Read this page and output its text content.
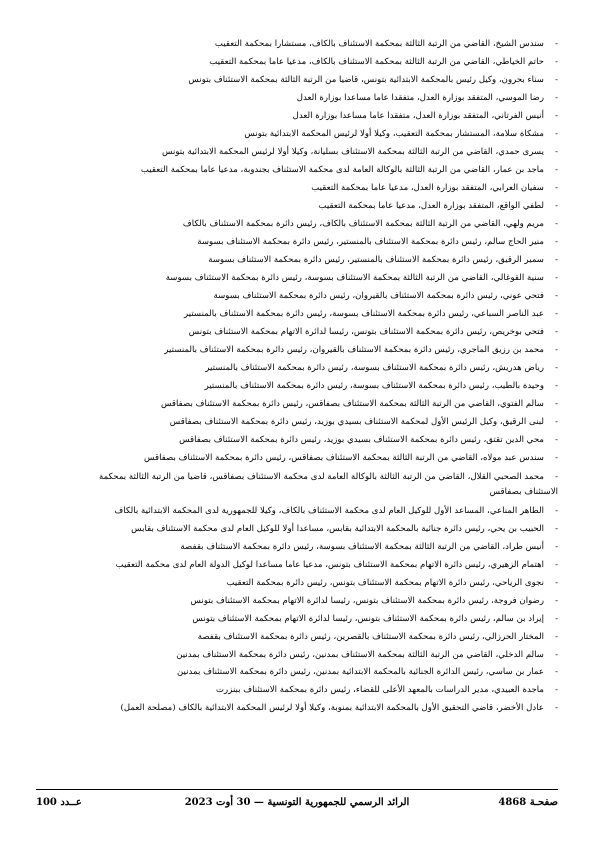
-
سندس الشيخ، القاضي من الرتبة الثالثة بمحكمة الاستئناف بالكاف، مستشارا بمحكمة التعقيب
-
حاتم الخياطي، القاضي من الرتبة الثالثة بمحكمة الاستئناف بالكاف، مدعيا عاما بمحكمة التعقيب
-
سناء بحرون، وكيل رئيس بالمحكمة الابتدائية بتونس، قاضيا من الرتبة الثالثة بمحكمة الاستئناف بتونس
-
رضا الموسي، المتفقد بوزارة العدل، متفقدا عاما مساعدا بوزارة العدل
-
أنيس الفرتاني، المتفقد بوزارة العدل، متفقدا عاما مساعدا بوزارة العدل
-
مشكاة سلامة، المستشار بمحكمة التعقيب، وكيلا أولا لرئيس المحكمة الابتدائية بتونس
-
يسرى حمدي، القاضي من الرتبة الثالثة بمحكمة الاستئناف بسليانة، وكيلا أولا لرئيس المحكمة الابتدائية بتونس
-
ماجد بن عمار، القاضي من الرتبة الثالثة بالوكالة العامة لدى محكمة الاستئناف بجندوبة، مدعيا عاما بمحكمة التعقيب
-
سفيان العرابي، المتفقد بوزارة العدل، مدعيا عاما بمحكمة التعقيب
-
لطفي الواقع، المتفقد بوزارة العدل، مدعيا عاما بمحكمة التعقيب
-
مريم ولهي، القاضي من الرتبة الثالثة بمحكمة الاستئناف بالكاف، رئيس دائرة بمحكمة الاستئناف بالكاف
-
منير الحاج سالم، رئيس دائرة بمحكمة الاستئناف بالمنستير، رئيس دائرة بمحكمة الاستئناف بسوسة
-
سمير الرقيق، رئيس دائرة بمحكمة الاستئناف بالمنستير، رئيس دائرة بمحكمة الاستئناف بسوسة
-
سنية القوغالي، القاضي من الرتبة الثالثة بمحكمة الاستئناف بسوسة، رئيس دائرة بمحكمة الاستئناف بسوسة
-
فتحي عوني، رئيس دائرة بمحكمة الاستئناف بالقيروان، رئيس دائرة بمحكمة الاستئناف بسوسة
-
عبد الناصر السباعي، رئيس دائرة بمحكمة الاستئناف بسوسة، رئيس دائرة بمحكمة الاستئناف بالمنستير
-
فتحي بوخريص، رئيس دائرة بمحكمة الاستئناف بتونس، رئيسا لدائرة الاتهام بمحكمة الاستئناف بتونس
-
محمد بن رزيق الماجري، رئيس دائرة بمحكمة الاستئناف بالقيروان، رئيس دائرة بمحكمة الاستئناف بالمنستير
-
رياض هدريش، رئيس دائرة بمحكمة الاستئناف بسوسة، رئيس دائرة بمحكمة الاستئناف بالمنستير
-
وحيدة بالطيب، رئيس دائرة بمحكمة الاستئناف بسوسة، رئيس دائرة بمحكمة الاستئناف بالمنستير
-
سالم الفتوي، القاضي من الرتبة الثالثة بمحكمة الاستئناف بصفاقس، رئيس دائرة بمحكمة الاستئناف بصفاقس
-
لبنى الرقيق، وكيل الرئيس الأول لمحكمة الاستئناف بسيدي بوزيد، رئيس دائرة بمحكمة الاستئناف بصفاقس
-
محي الدين تقتق، رئيس دائرة بمحكمة الاستئناف بسيدي بوزيد، رئيس دائرة بمحكمة الاستئناف بصفاقس
-
سندس عبد مولاه، القاضي من الرتبة الثالثة بمحكمة الاستئناف بصفاقس، رئيس دائرة بمحكمة الاستئناف بصفاقس
-
محمد الصحبي القلال، القاضي من الرتبة الثالثة بالوكالة العامة لدى محكمة الاستئناف بصفاقس، قاضيا من الرتبة الثالثة بمحكمة
الاستئناف بصفاقس
-
الطاهر المناعي، المساعد الأول للوكيل العام لدى محكمة الاستئناف بالكاف، وكيلا للجمهورية لدى المحكمة الابتدائية بالكاف
-
الحبيب بن يحي، رئيس دائرة جنائية بالمحكمة الابتدائية بقابس، مساعدا أولا للوكيل العام لدى محكمة الاستئناف بقابس
-
أنيس طراد، القاضي من الرتبة الثالثة بمحكمة الاستئناف بسوسة، رئيس دائرة بمحكمة الاستئناف بقفصة
-
اهتمام الزهيري، رئيس دائرة الاتهام بمحكمة الاستئناف بتونس، مدعيا عاما مساعدا لوكيل الدولة العام لدى محكمة التعقيب
-
نجوى الرياحي، رئيس دائرة الاتهام بمحكمة الاستئناف بتونس، رئيس دائرة بمحكمة التعقيب
-
رضوان فروجة، رئيس دائرة بمحكمة الاستئناف بتونس، رئيسا لدائرة الاتهام بمحكمة الاستئناف بتونس
-
إيراد بن سالم، رئيس دائرة بمحكمة الاستئناف بتونس، رئيسا لدائرة الاتهام بمحكمة الاستئناف بتونس
-
المختار الحرزالي، رئيس دائرة بمحكمة الاستئناف بالقصرين، رئيس دائرة بمحكمة الاستئناف بقفصة
-
سالم الدخلي، القاضي من الرتبة الثالثة بمحكمة الاستئناف بمدنين، رئيس دائرة بمحكمة الاستئناف بمدنين
-
عمار بن ساسي، رئيس الدائرة الجنائية بالمحكمة الابتدائية بمدنين، رئيس دائرة بمحكمة الاستئناف بمدنين
-
ماجدة العبيدي، مدير الدراسات بالمعهد الأعلى للقضاء، رئيس دائرة بمحكمة الاستئناف ببنزرت
-
عادل الأخضر، قاضي التحقيق الأول بالمحكمة الابتدائية بمنوبة، وكيلا أولا لرئيس المحكمة الابتدائية بالكاف (مصلحة العمل)
صفحـة 4868
الرائد الرسمي للجمهورية التونسية — 30 أوت 2023
عــدد 100
